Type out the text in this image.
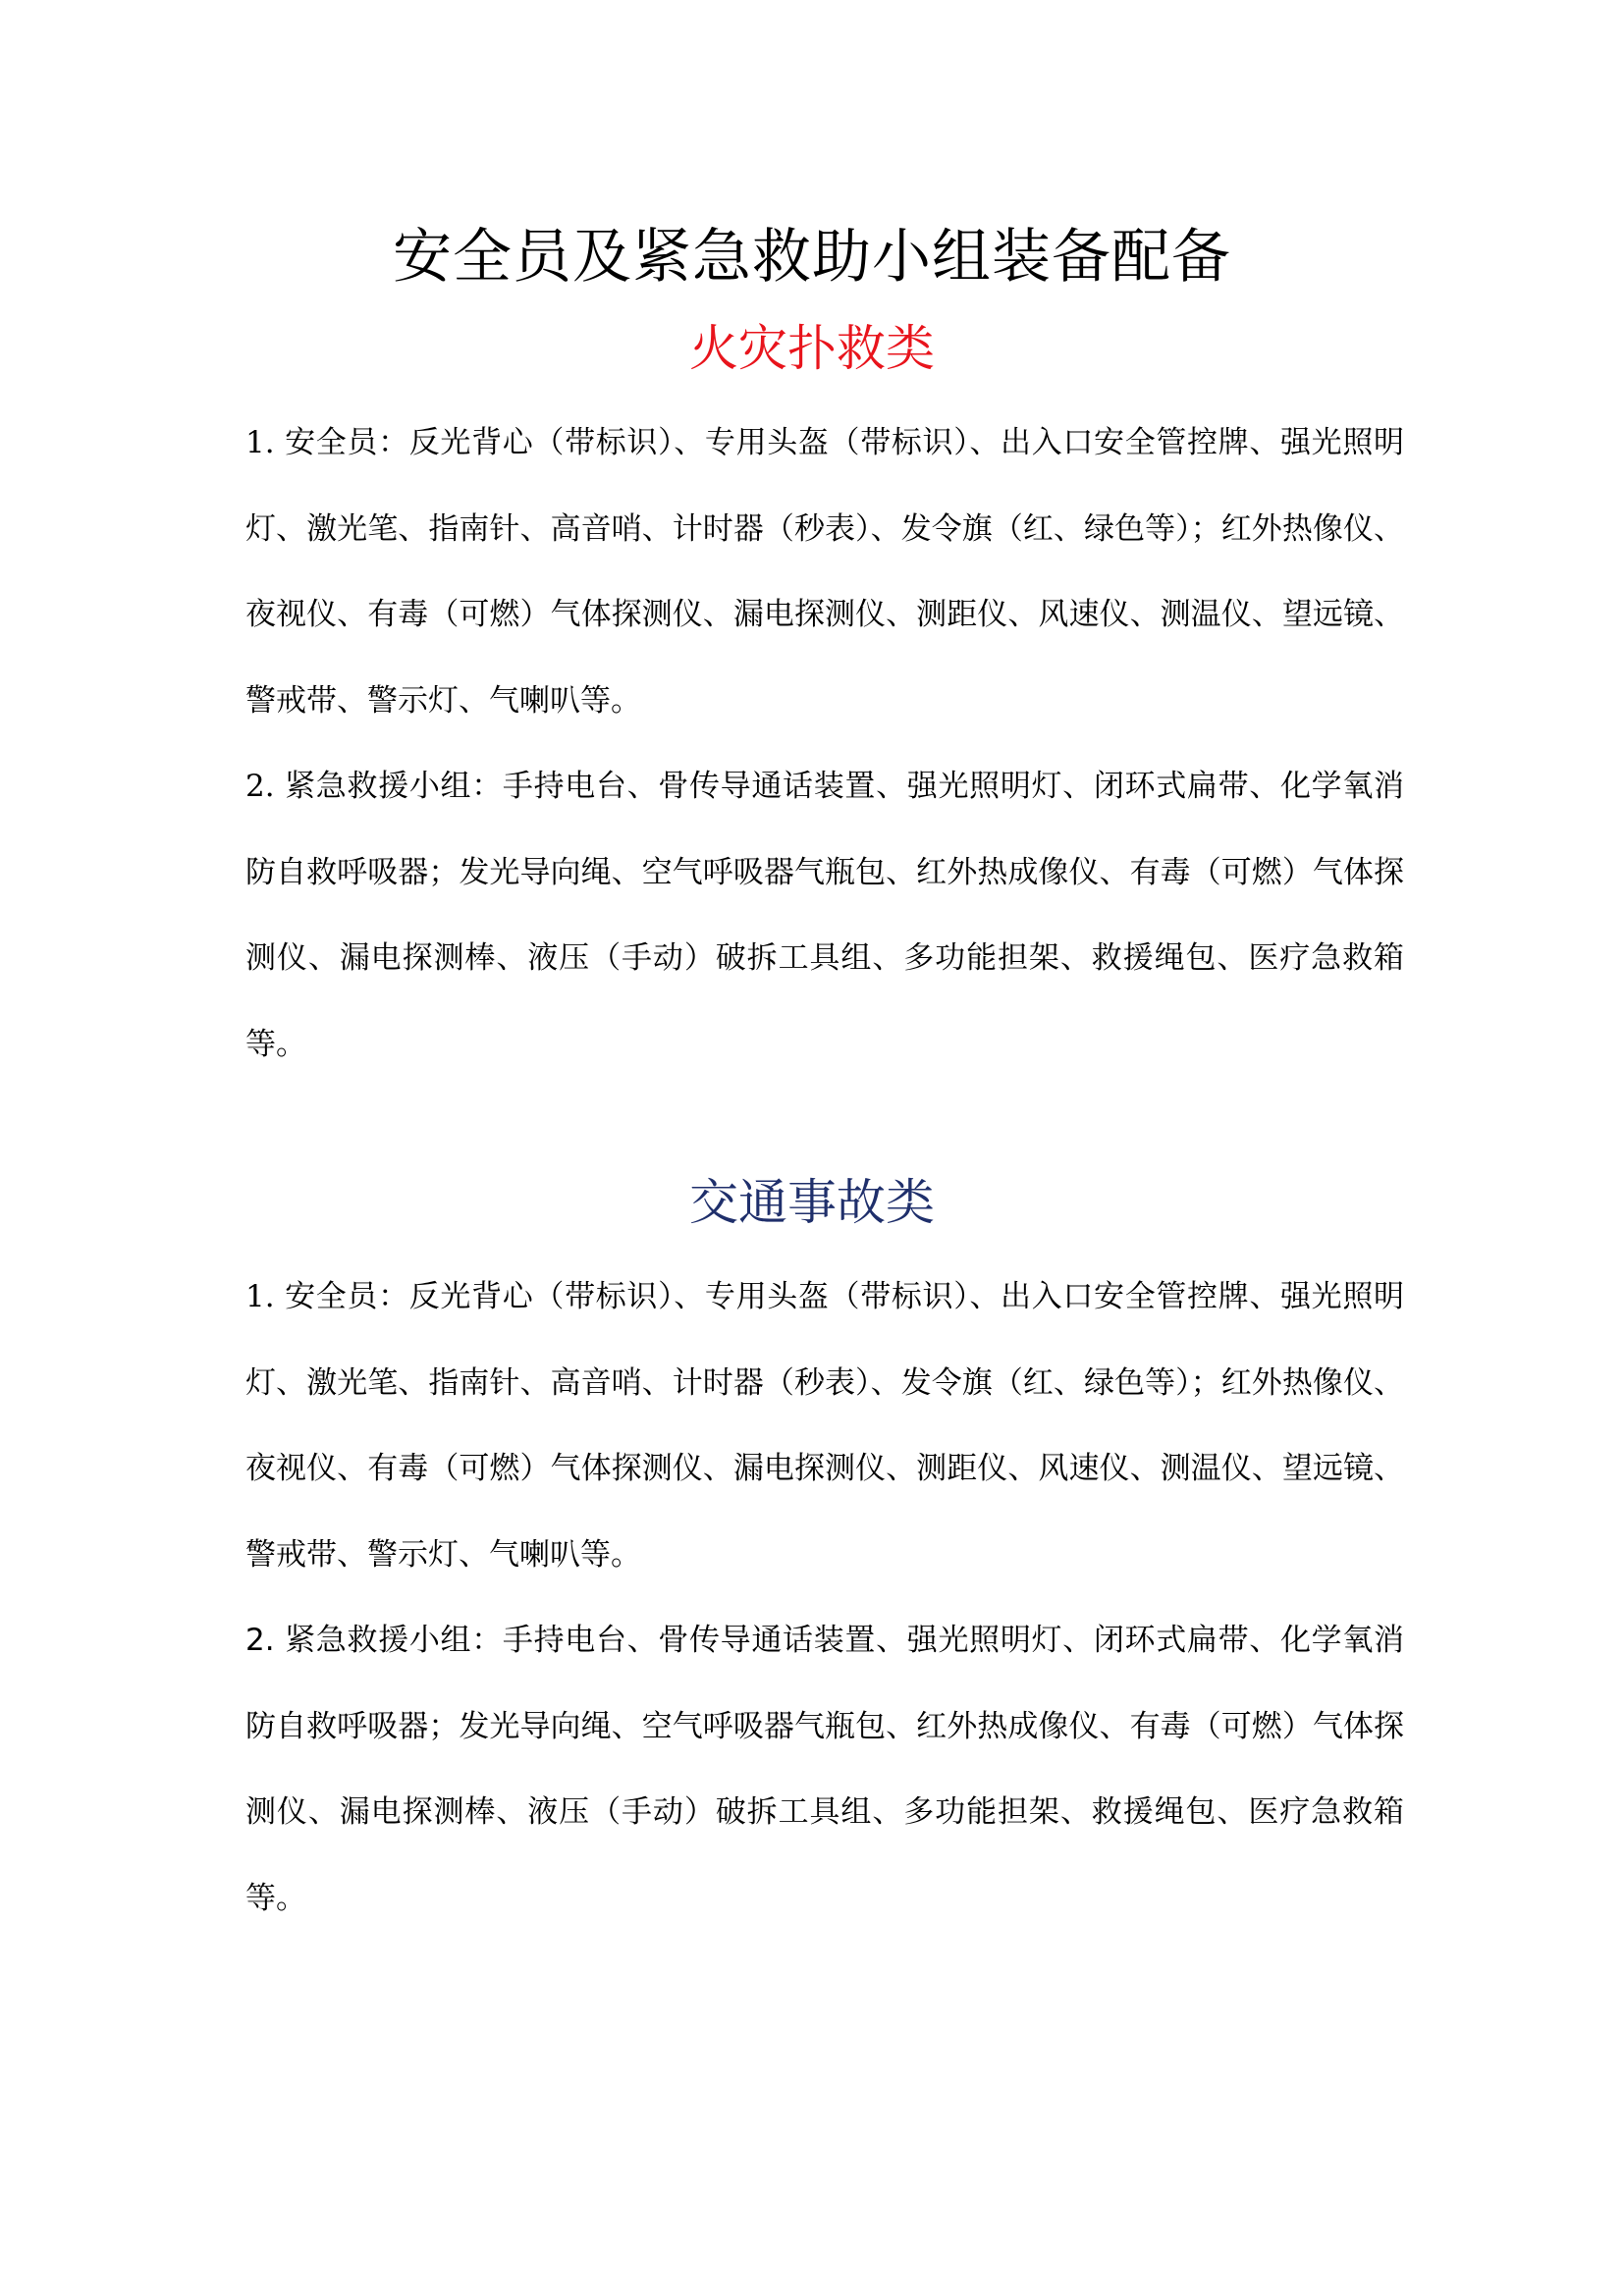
安全员及紧急救助小组装备配备
火灾扑救类

1. 安全员：反光背心（带标识）、专用头盔（带标识）、出入口安全管控牌、强光照明灯、激光笔、指南针、高音哨、计时器（秒表）、发令旗（红、绿色等）；红外热像仪、夜视仪、有毒（可燃）气体探测仪、漏电探测仪、测距仪、风速仪、测温仪、望远镜、警戒带、警示灯、气喇叭等。

2. 紧急救援小组：手持电台、骨传导通话装置、强光照明灯、闭环式扁带、化学氧消防自救呼吸器；发光导向绳、空气呼吸器气瓶包、红外热成像仪、有毒（可燃）气体探测仪、漏电探测棒、液压（手动）破拆工具组、多功能担架、救援绳包、医疗急救箱等。

交通事故类

1. 安全员：反光背心（带标识）、专用头盔（带标识）、出入口安全管控牌、强光照明灯、激光笔、指南针、高音哨、计时器（秒表）、发令旗（红、绿色等）；红外热像仪、夜视仪、有毒（可燃）气体探测仪、漏电探测仪、测距仪、风速仪、测温仪、望远镜、警戒带、警示灯、气喇叭等。

2. 紧急救援小组：手持电台、骨传导通话装置、强光照明灯、闭环式扁带、化学氧消防自救呼吸器；发光导向绳、空气呼吸器气瓶包、红外热成像仪、有毒（可燃）气体探测仪、漏电探测棒、液压（手动）破拆工具组、多功能担架、救援绳包、医疗急救箱等。
